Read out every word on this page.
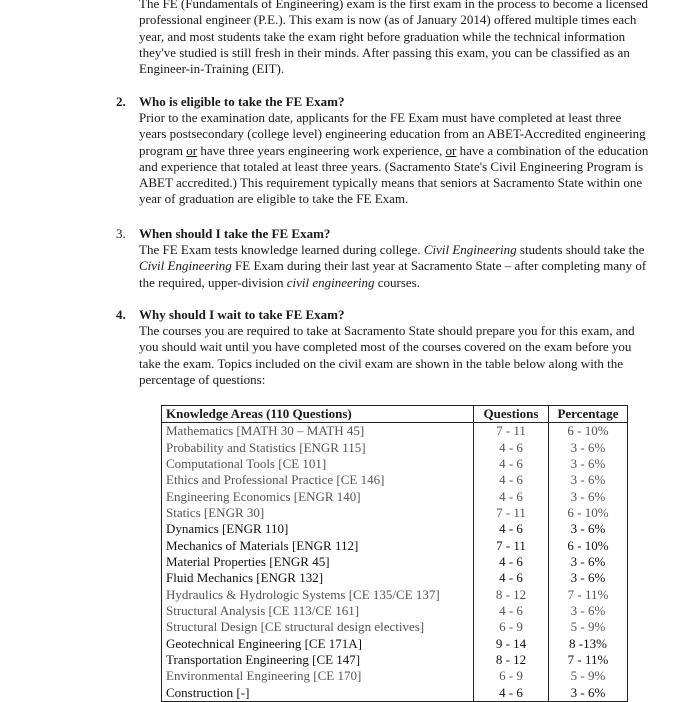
The FE (Fundamentals of Engineering) exam is the first exam in the process to become a licensed
professional engineer (P.E.). This exam is now (as of January 2014) offered multiple times each
year, and most students take the exam right before graduation while the technical information
they've studied is still fresh in their minds. After passing this exam, you can be classified as an
Engineer-in-Training (EIT).
2. Who is eligible to take the FE Exam?
Prior to the examination date, applicants for the FE Exam must have completed at least three
years postsecondary (college level) engineering education from an ABET-Accredited engineering
program or have three years engineering work experience, or have a combination of the education
and experience that totaled at least three years. (Sacramento State's Civil Engineering Program is
ABET accredited.) This requirement typically means that seniors at Sacramento State within one
year of graduation are eligible to take the FE Exam.
3. When should I take the FE Exam?
The FE Exam tests knowledge learned during college. Civil Engineering students should take the
Civil Engineering FE Exam during their last year at Sacramento State – after completing many of
the required, upper-division civil engineering courses.
4. Why should I wait to take FE Exam?
The courses you are required to take at Sacramento State should prepare you for this exam, and
you should wait until you have completed most of the courses covered on the exam before you
take the exam. Topics included on the civil exam are shown in the table below along with the
percentage of questions:
Knowledge Areas (110 Questions)	Questions	Percentage
Mathematics [MATH 30 – MATH 45]	7 - 11	6 - 10%
Probability and Statistics [ENGR 115]	4 - 6	3 - 6%
Computational Tools [CE 101]	4 - 6	3 - 6%
Ethics and Professional Practice [CE 146]	4 - 6	3 - 6%
Engineering Economics [ENGR 140]	4 - 6	3 - 6%
Statics [ENGR 30]	7 - 11	6 - 10%
Dynamics [ENGR 110]	4 - 6	3 - 6%
Mechanics of Materials [ENGR 112]	7 - 11	6 - 10%
Material Properties [ENGR 45]	4 - 6	3 - 6%
Fluid Mechanics [ENGR 132]	4 - 6	3 - 6%
Hydraulics & Hydrologic Systems [CE 135/CE 137]	8 - 12	7 - 11%
Structural Analysis [CE 113/CE 161]	4 - 6	3 - 6%
Structural Design [CE structural design electives]	6 - 9	5 - 9%
Geotechnical Engineering [CE 171A]	9 - 14	8 -13%
Transportation Engineering [CE 147]	8 - 12	7 - 11%
Environmental Engineering [CE 170]	6 - 9	5 - 9%
Construction [-]	4 - 6	3 - 6%
